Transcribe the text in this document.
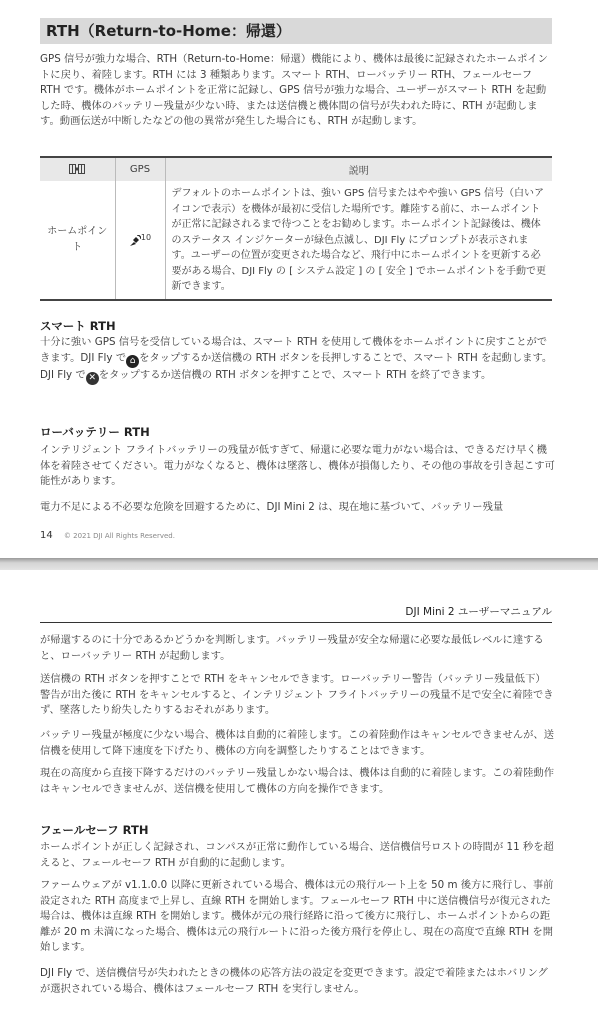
RTH（Return-to-Home：帰還）
GPS 信号が強力な場合、RTH（Return-to-Home：帰還）機能により、機体は最後に記録されたホームポイントに戻り、着陸します。RTH には 3 種類あります。スマート RTH、ローバッテリー RTH、フェールセーフ RTH です。機体がホームポイントを正常に記録し、GPS 信号が強力な場合、ユーザーがスマート RTH を起動した時、機体のバッテリー残量が少ない時、または送信機と機体間の信号が失われた時に、RTH が起動します。動画伝送が中断したなどの他の異常が発生した場合にも、RTH が起動します。
	GPS	説明
ホームポイント	$^{10}$	デフォルトのホームポイントは、強い GPS 信号またはやや強い GPS 信号（白いアイコンで表示）を機体が最初に受信した場所です。離陸する前に、ホームポイントが正常に記録されるまで待つことをお勧めします。ホームポイント記録後は、機体のステータス インジケーターが緑色点滅し、DJI Fly にプロンプトが表示されます。ユーザーの位置が変更された場合など、飛行中にホームポイントを更新する必要がある場合、DJI Fly の [ システム設定 ] の [ 安全 ] でホームポイントを手動で更新できます。
スマート RTH
十分に強い GPS 信号を受信している場合は、スマート RTH を使用して機体をホームポイントに戻すことができます。DJI Fly で ⌂ をタップするか送信機の RTH ボタンを長押しすることで、スマート RTH を起動します。DJI Fly で ✕ をタップするか送信機の RTH ボタンを押すことで、スマート RTH を終了できます。
ローバッテリー RTH
インテリジェント フライトバッテリーの残量が低すぎて、帰還に必要な電力がない場合は、できるだけ早く機体を着陸させてください。電力がなくなると、機体は墜落し、機体が損傷したり、その他の事故を引き起こす可能性があります。
電力不足による不必要な危険を回避するために、DJI Mini 2 は、現在地に基づいて、バッテリー残量
14 © 2021 DJI All Rights Reserved.
DJI Mini 2 ユーザーマニュアル
が帰還するのに十分であるかどうかを判断します。バッテリー残量が安全な帰還に必要な最低レベルに達すると、ローバッテリー RTH が起動します。
送信機の RTH ボタンを押すことで RTH をキャンセルできます。ローバッテリー警告（バッテリー残量低下）警告が出た後に RTH をキャンセルすると、インテリジェント フライトバッテリーの残量不足で安全に着陸できず、墜落したり紛失したりするおそれがあります。
バッテリー残量が極度に少ない場合、機体は自動的に着陸します。この着陸動作はキャンセルできませんが、送信機を使用して降下速度を下げたり、機体の方向を調整したりすることはできます。
現在の高度から直接下降するだけのバッテリー残量しかない場合は、機体は自動的に着陸します。この着陸動作はキャンセルできませんが、送信機を使用して機体の方向を操作できます。
フェールセーフ RTH
ホームポイントが正しく記録され、コンパスが正常に動作している場合、送信機信号ロストの時間が 11 秒を超えると、フェールセーフ RTH が自動的に起動します。
ファームウェアが v1.1.0.0 以降に更新されている場合、機体は元の飛行ルート上を 50 m 後方に飛行し、事前設定された RTH 高度まで上昇し、直線 RTH を開始します。フェールセーフ RTH 中に送信機信号が復元された場合は、機体は直線 RTH を開始します。機体が元の飛行経路に沿って後方に飛行し、ホームポイントからの距離が 20 m 未満になった場合、機体は元の飛行ルートに沿った後方飛行を停止し、現在の高度で直線 RTH を開始します。
DJI Fly で、送信機信号が失われたときの機体の応答方法の設定を変更できます。設定で着陸またはホバリングが選択されている場合、機体はフェールセーフ RTH を実行しません。
